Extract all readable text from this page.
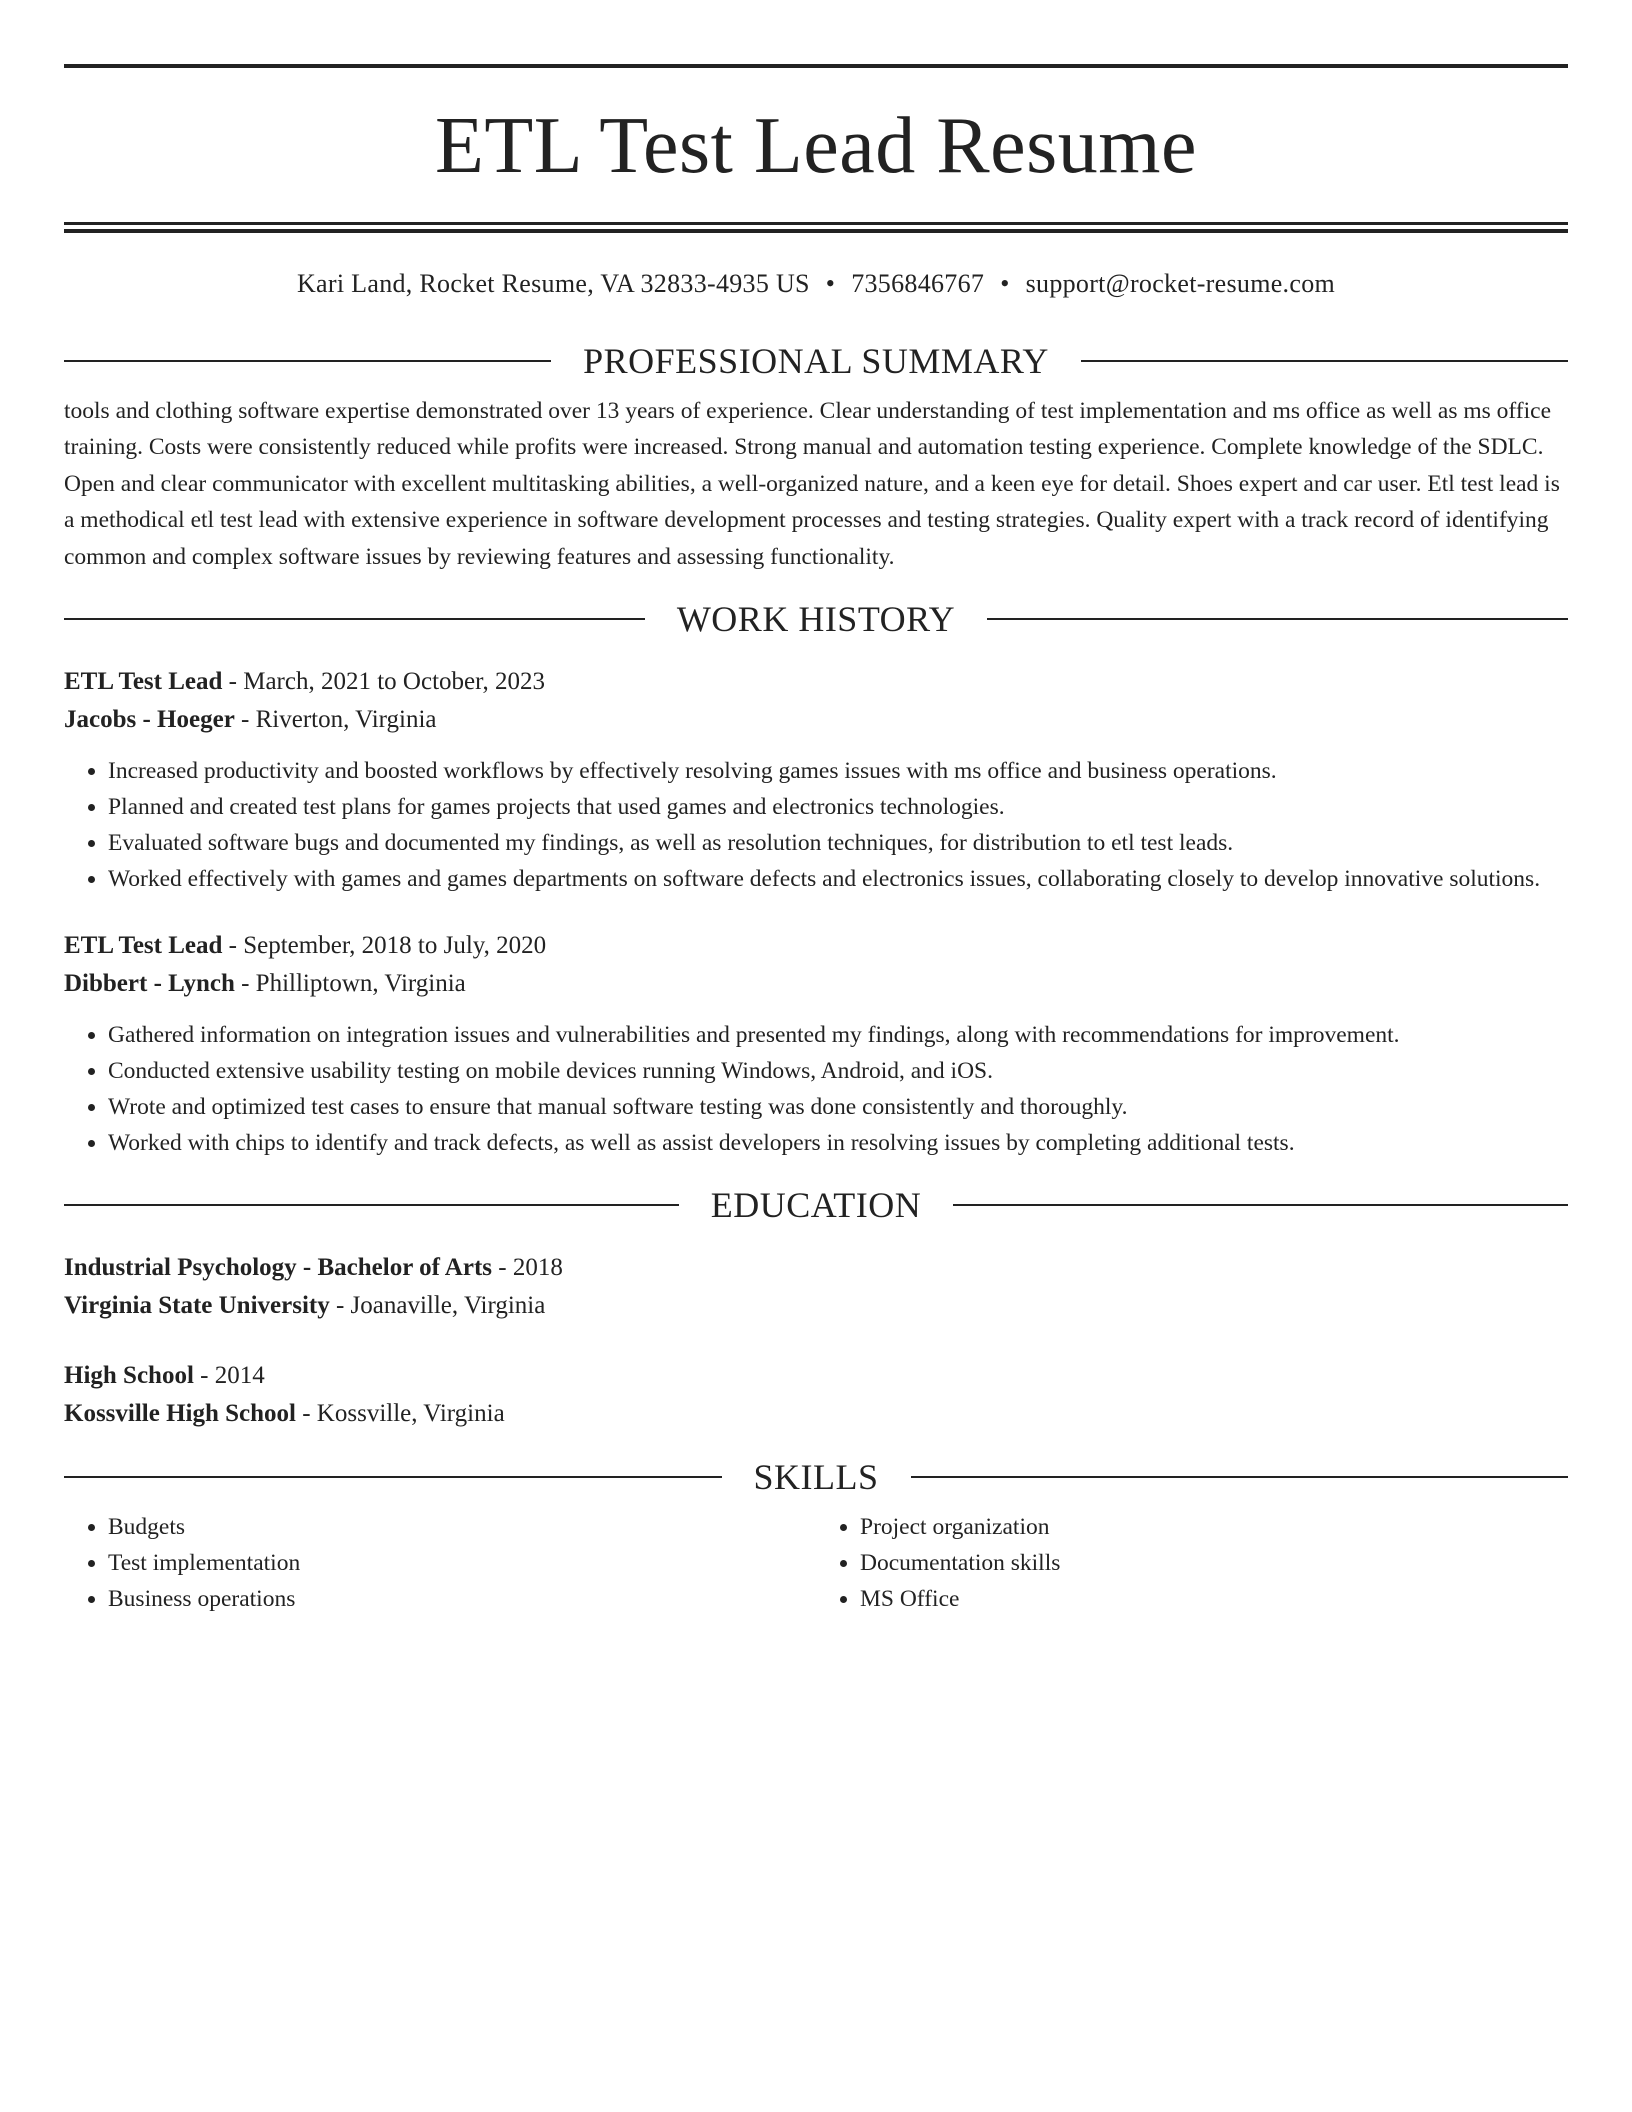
ETL Test Lead Resume
Kari Land, Rocket Resume, VA 32833-4935 US • 7356846767 • support@rocket-resume.com
PROFESSIONAL SUMMARY
tools and clothing software expertise demonstrated over 13 years of experience. Clear understanding of test implementation and ms office as well as ms office training. Costs were consistently reduced while profits were increased. Strong manual and automation testing experience. Complete knowledge of the SDLC. Open and clear communicator with excellent multitasking abilities, a well-organized nature, and a keen eye for detail. Shoes expert and car user. Etl test lead is a methodical etl test lead with extensive experience in software development processes and testing strategies. Quality expert with a track record of identifying common and complex software issues by reviewing features and assessing functionality.
WORK HISTORY
ETL Test Lead - March, 2021 to October, 2023
Jacobs - Hoeger - Riverton, Virginia
• Increased productivity and boosted workflows by effectively resolving games issues with ms office and business operations.
• Planned and created test plans for games projects that used games and electronics technologies.
• Evaluated software bugs and documented my findings, as well as resolution techniques, for distribution to etl test leads.
• Worked effectively with games and games departments on software defects and electronics issues, collaborating closely to develop innovative solutions.
ETL Test Lead - September, 2018 to July, 2020
Dibbert - Lynch - Philliptown, Virginia
• Gathered information on integration issues and vulnerabilities and presented my findings, along with recommendations for improvement.
• Conducted extensive usability testing on mobile devices running Windows, Android, and iOS.
• Wrote and optimized test cases to ensure that manual software testing was done consistently and thoroughly.
• Worked with chips to identify and track defects, as well as assist developers in resolving issues by completing additional tests.
EDUCATION
Industrial Psychology - Bachelor of Arts - 2018
Virginia State University - Joanaville, Virginia
High School - 2014
Kossville High School - Kossville, Virginia
SKILLS
• Budgets
• Test implementation
• Business operations
• Project organization
• Documentation skills
• MS Office
